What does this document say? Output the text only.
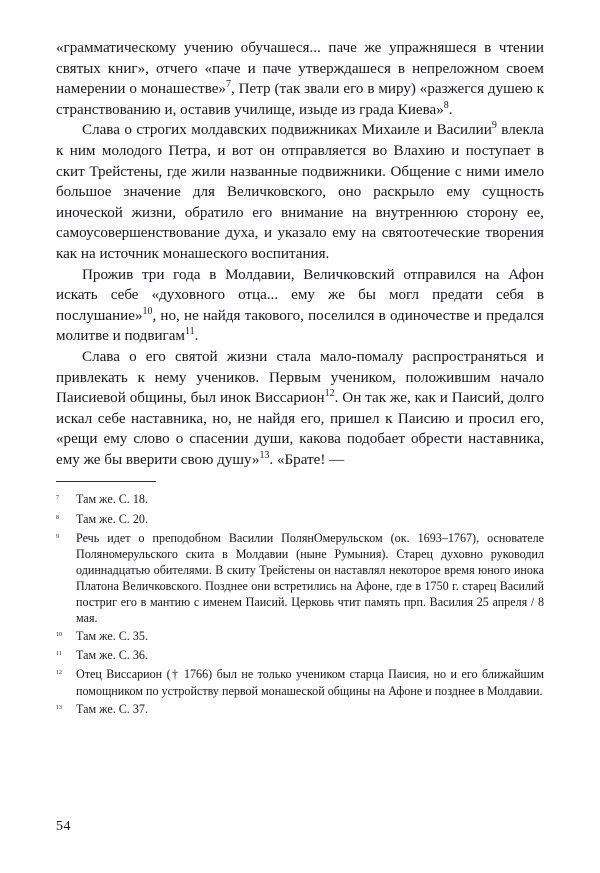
«грамматическому учению обучашеся... паче же упражняшеся в чтении святых книг», отчего «паче и паче утверждашеся в непреложном своем намерении о монашестве»$^7$, Петр (так звали его в миру) «разжегся душею к странствованию и, оставив училище, изыде из града Киева»$^8$.

Слава о строгих молдавских подвижниках Михаиле и Василии$^9$ влекла к ним молодого Петра, и вот он отправляется во Влахию и поступает в скит Трейстены, где жили названные подвижники. Общение с ними имело большое значение для Величковского, оно раскрыло ему сущность иноческой жизни, обратило его внимание на внутреннюю сторону ее, самоусовершенствование духа, и указало ему на святоотеческие творения как на источник монашеского воспитания.

Прожив три года в Молдавии, Величковский отправился на Афон искать себе «духовного отца... ему же бы могл предати себя в послушание»$^{10}$, но, не найдя такового, поселился в одиночестве и предался молитве и подвигам$^{11}$.

Слава о его святой жизни стала мало-помалу распространяться и привлекать к нему учеников. Первым учеником, положившим начало Паисиевой общины, был инок Виссарион$^{12}$. Он так же, как и Паисий, долго искал себе наставника, но, не найдя его, пришел к Паисию и просил его, «рещи ему слово о спасении души, какова подобает обрести наставника, ему же бы вверити свою душу»$^{13}$. «Брате! —

$^7$	Там же. С. 18.
$^8$	Там же. С. 20.
$^9$	Речь идет о преподобном Василии ПолянОмерульском (ок. 1693–1767), основателе Поляномерульского скита в Молдавии (ныне Румыния). Старец духовно руководил одиннадцатью обителями. В скиту Трейстены он наставлял некоторое время юного инока Платона Величковского. Позднее они встретились на Афоне, где в 1750 г. старец Василий постриг его в мантию с именем Паисий. Церковь чтит память прп. Василия 25 апреля / 8 мая.
$^{10}$	Там же. С. 35.
$^{11}$	Там же. С. 36.
$^{12}$	Отец Виссарион († 1766) был не только учеником старца Паисия, но и его ближайшим помощником по устройству первой монашеской общины на Афоне и позднее в Молдавии.
$^{13}$	Там же. С. 37.
54
